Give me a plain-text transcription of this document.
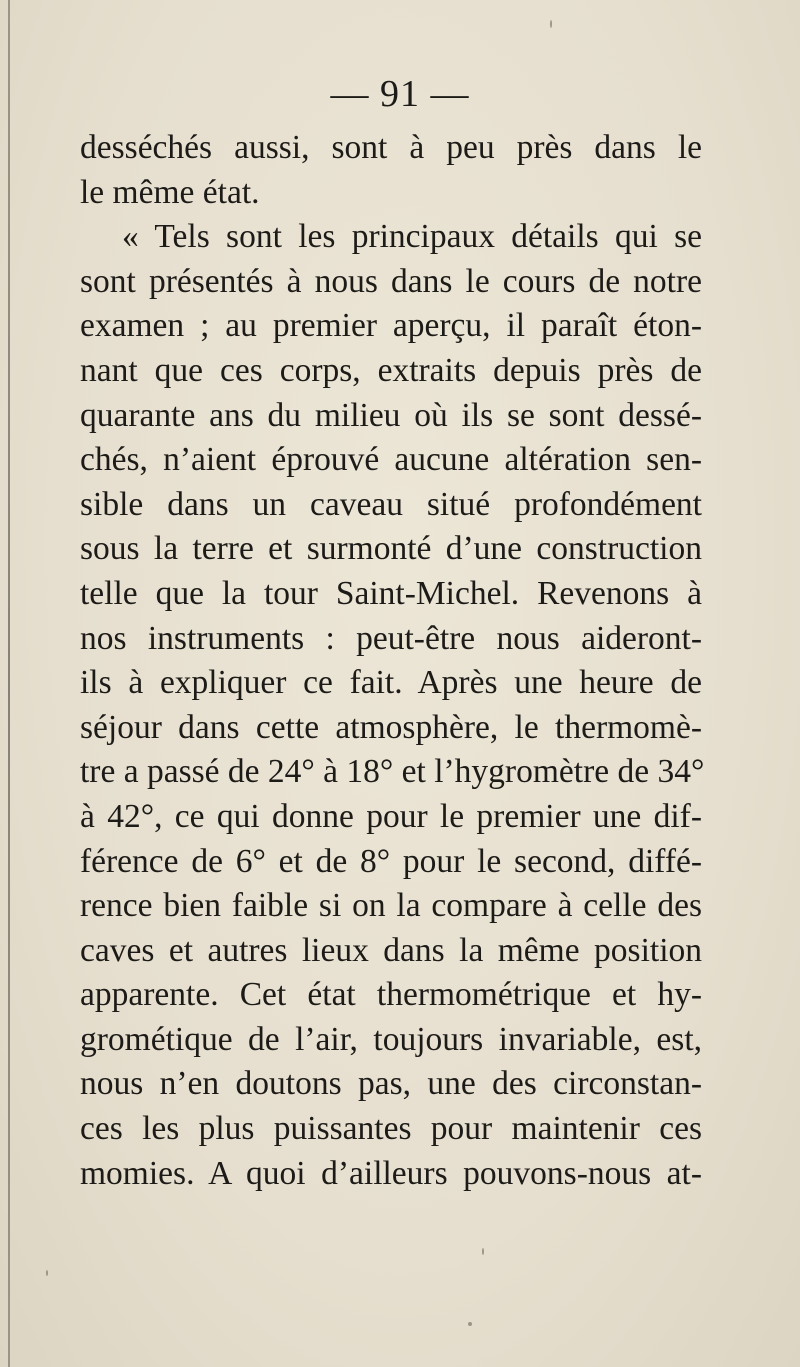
— 91 —
desséchés aussi, sont à peu près dans le
le même état.
« Tels sont les principaux détails qui se
sont présentés à nous dans le cours de notre
examen ; au premier aperçu, il paraît éton-
nant que ces corps, extraits depuis près de
quarante ans du milieu où ils se sont dessé-
chés, n’aient éprouvé aucune altération sen-
sible dans un caveau situé profondément
sous la terre et surmonté d’une construction
telle que la tour Saint-Michel. Revenons à
nos instruments : peut-être nous aideront-
ils à expliquer ce fait. Après une heure de
séjour dans cette atmosphère, le thermomè-
tre a passé de 24° à 18° et l’hygromètre de 34°
à 42°, ce qui donne pour le premier une dif-
férence de 6° et de 8° pour le second, diffé-
rence bien faible si on la compare à celle des
caves et autres lieux dans la même position
apparente. Cet état thermométrique et hy-
grométique de l’air, toujours invariable, est,
nous n’en doutons pas, une des circonstan-
ces les plus puissantes pour maintenir ces
momies. A quoi d’ailleurs pouvons-nous at-
